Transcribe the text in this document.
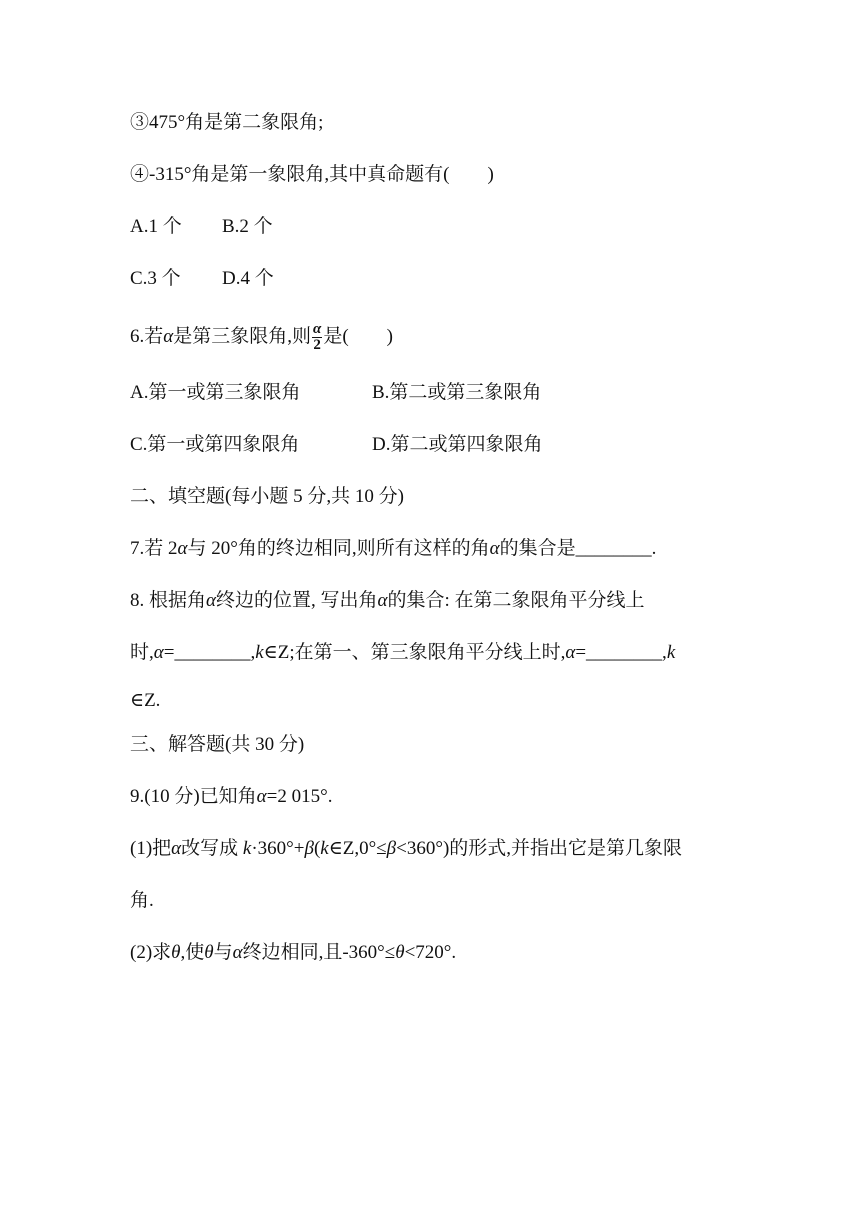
③475°角是第二象限角;
④-315°角是第一象限角,其中真命题有(　　)
A.1 个 B.2 个
C.3 个 D.4 个
6.若α是第三象限角,则 $\frac{\alpha}{2}$ 是(　　)
A.第一或第三象限角	B.第二或第三象限角
C.第一或第四象限角	D.第二或第四象限角
二、填空题(每小题 5 分,共 10 分)
7.若 2α与 20°角的终边相同,则所有这样的角α的集合是________.
8. 根据角α终边的位置, 写出角α的集合: 在第二象限角平分线上
时,α=________,k∈Z;在第一、第三象限角平分线上时,α=________,k
∈Z.
三、解答题(共 30 分)
9.(10 分)已知角α=2 015°.
(1)把α改写成 k·360°+β(k∈Z,0°≤β<360°)的形式,并指出它是第几象限
角.
(2)求θ,使θ与α终边相同,且-360°≤θ<720°.
